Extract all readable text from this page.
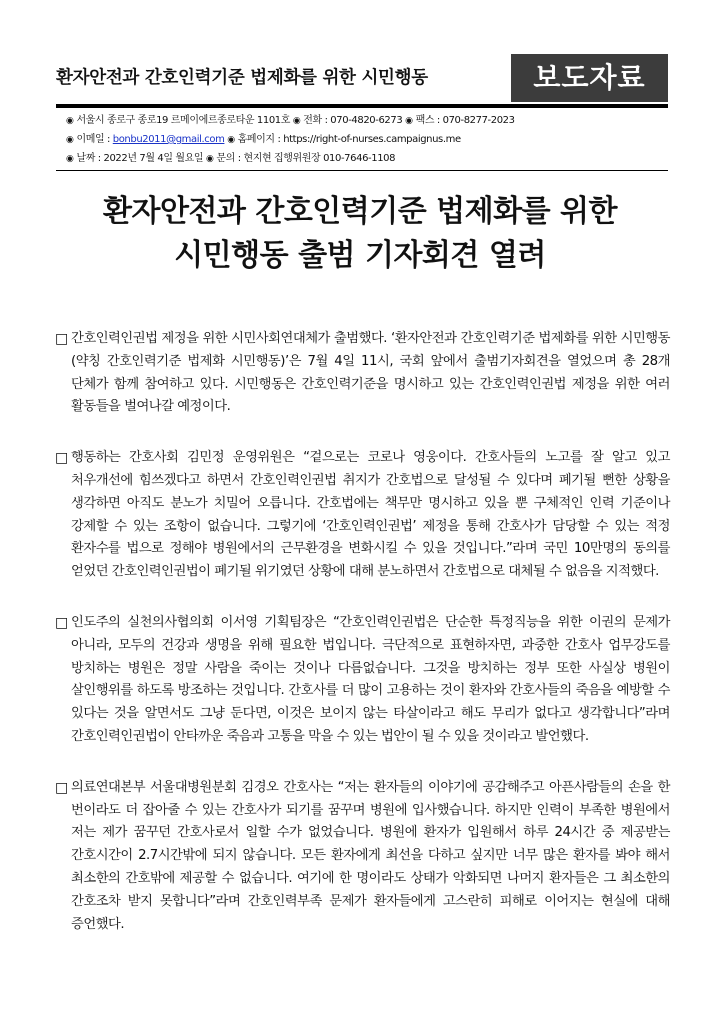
환자안전과 간호인력기준 법제화를 위한 시민행동	보도자료
◉ 서울시 종로구 종로19 르메이에르종로타운 1101호 ◉ 전화 : 070-4820-6273 ◉ 팩스 : 070-8277-2023
◉ 이메일 : bonbu2011@gmail.com ◉ 홈페이지 : https://right-of-nurses.campaignus.me
◉ 날짜 : 2022년 7월 4일 월요일 ◉ 문의 : 현지현 집행위원장 010-7646-1108
환자안전과 간호인력기준 법제화를 위한
시민행동 출범 기자회견 열려
□ 간호인력인권법 제정을 위한 시민사회연대체가 출범했다. ‘환자안전과 간호인력기준 법제화를 위한 시민행동(약칭 간호인력기준 법제화 시민행동)’은 7월 4일 11시, 국회 앞에서 출범기자회견을 열었으며 총 28개 단체가 함께 참여하고 있다. 시민행동은 간호인력기준을 명시하고 있는 간호인력인권법 제정을 위한 여러 활동들을 벌여나갈 예정이다.
□ 행동하는 간호사회 김민정 운영위원은 “겉으로는 코로나 영웅이다. 간호사들의 노고를 잘 알고 있고 처우개선에 힘쓰겠다고 하면서 간호인력인권법 취지가 간호법으로 달성될 수 있다며 폐기될 뻔한 상황을 생각하면 아직도 분노가 치밀어 오릅니다. 간호법에는 책무만 명시하고 있을 뿐 구체적인 인력 기준이나 강제할 수 있는 조항이 없습니다. 그렇기에 ‘간호인력인권법’ 제정을 통해 간호사가 담당할 수 있는 적정 환자수를 법으로 정해야 병원에서의 근무환경을 변화시킬 수 있을 것입니다.”라며 국민 10만명의 동의를 얻었던 간호인력인권법이 폐기될 위기였던 상황에 대해 분노하면서 간호법으로 대체될 수 없음을 지적했다.
□ 인도주의 실천의사협의회 이서영 기획팀장은 “간호인력인권법은 단순한 특정직능을 위한 이권의 문제가 아니라, 모두의 건강과 생명을 위해 필요한 법입니다. 극단적으로 표현하자면, 과중한 간호사 업무강도를 방치하는 병원은 정말 사람을 죽이는 것이나 다름없습니다. 그것을 방치하는 정부 또한 사실상 병원이 살인행위를 하도록 방조하는 것입니다. 간호사를 더 많이 고용하는 것이 환자와 간호사들의 죽음을 예방할 수 있다는 것을 알면서도 그냥 둔다면, 이것은 보이지 않는 타살이라고 해도 무리가 없다고 생각합니다”라며 간호인력인권법이 안타까운 죽음과 고통을 막을 수 있는 법안이 될 수 있을 것이라고 발언했다.
□ 의료연대본부 서울대병원분회 김경오 간호사는 “저는 환자들의 이야기에 공감해주고 아픈사람들의 손을 한 번이라도 더 잡아줄 수 있는 간호사가 되기를 꿈꾸며 병원에 입사했습니다. 하지만 인력이 부족한 병원에서 저는 제가 꿈꾸던 간호사로서 일할 수가 없었습니다. 병원에 환자가 입원해서 하루 24시간 중 제공받는 간호시간이 2.7시간밖에 되지 않습니다. 모든 환자에게 최선을 다하고 싶지만 너무 많은 환자를 봐야 해서 최소한의 간호밖에 제공할 수 없습니다. 여기에 한 명이라도 상태가 악화되면 나머지 환자들은 그 최소한의 간호조차 받지 못합니다”라며 간호인력부족 문제가 환자들에게 고스란히 피해로 이어지는 현실에 대해 증언했다.
